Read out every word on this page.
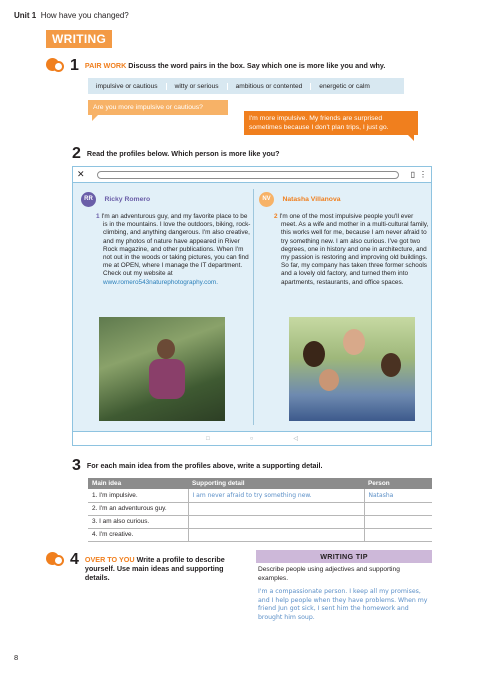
Unit 1 How have you changed?
WRITING
1 PAIR WORK Discuss the word pairs in the box. Say which one is more like you and why.
impulsive or cautious	witty or serious	ambitious or contented	energetic or calm
Are you more impulsive or cautious?
I'm more impulsive. My friends are surprised sometimes because I don't plan trips, I just go.
2 Read the profiles below. Which person is more like you?
✕	▯ ⋮
RR Ricky Romero
1 I'm an adventurous guy, and my favorite place to be is in the mountains. I love the outdoors, biking, rock-climbing, and anything dangerous. I'm also creative, and my photos of nature have appeared in River Rock magazine, and other publications. When I'm not out in the woods or taking pictures, you can find me at OPEN, where I manage the IT department. Check out my website at www.romero543naturephotography.com.
NV Natasha Villanova
2 I'm one of the most impulsive people you'll ever meet. As a wife and mother in a multi-cultural family, this works well for me, because I am never afraid to try something new. I am also curious. I've got two degrees, one in history and one in architecture, and my passion is restoring and improving old buildings. So far, my company has taken three former schools and a lovely old factory, and turned them into apartments, restaurants, and office spaces.
□	○	◁
3 For each main idea from the profiles above, write a supporting detail.
Main idea	Supporting detail	Person
1. I'm impulsive.	I am never afraid to try something new.	Natasha
2. I'm an adventurous guy.		
3. I am also curious.		
4. I'm creative.		
4 OVER TO YOU Write a profile to describe yourself. Use main ideas and supporting details.
WRITING TIP
Describe people using adjectives and supporting examples.
I'm a compassionate person. I keep all my promises, and I help people when they have problems. When my friend Jun got sick, I sent him the homework and brought him soup.
8
